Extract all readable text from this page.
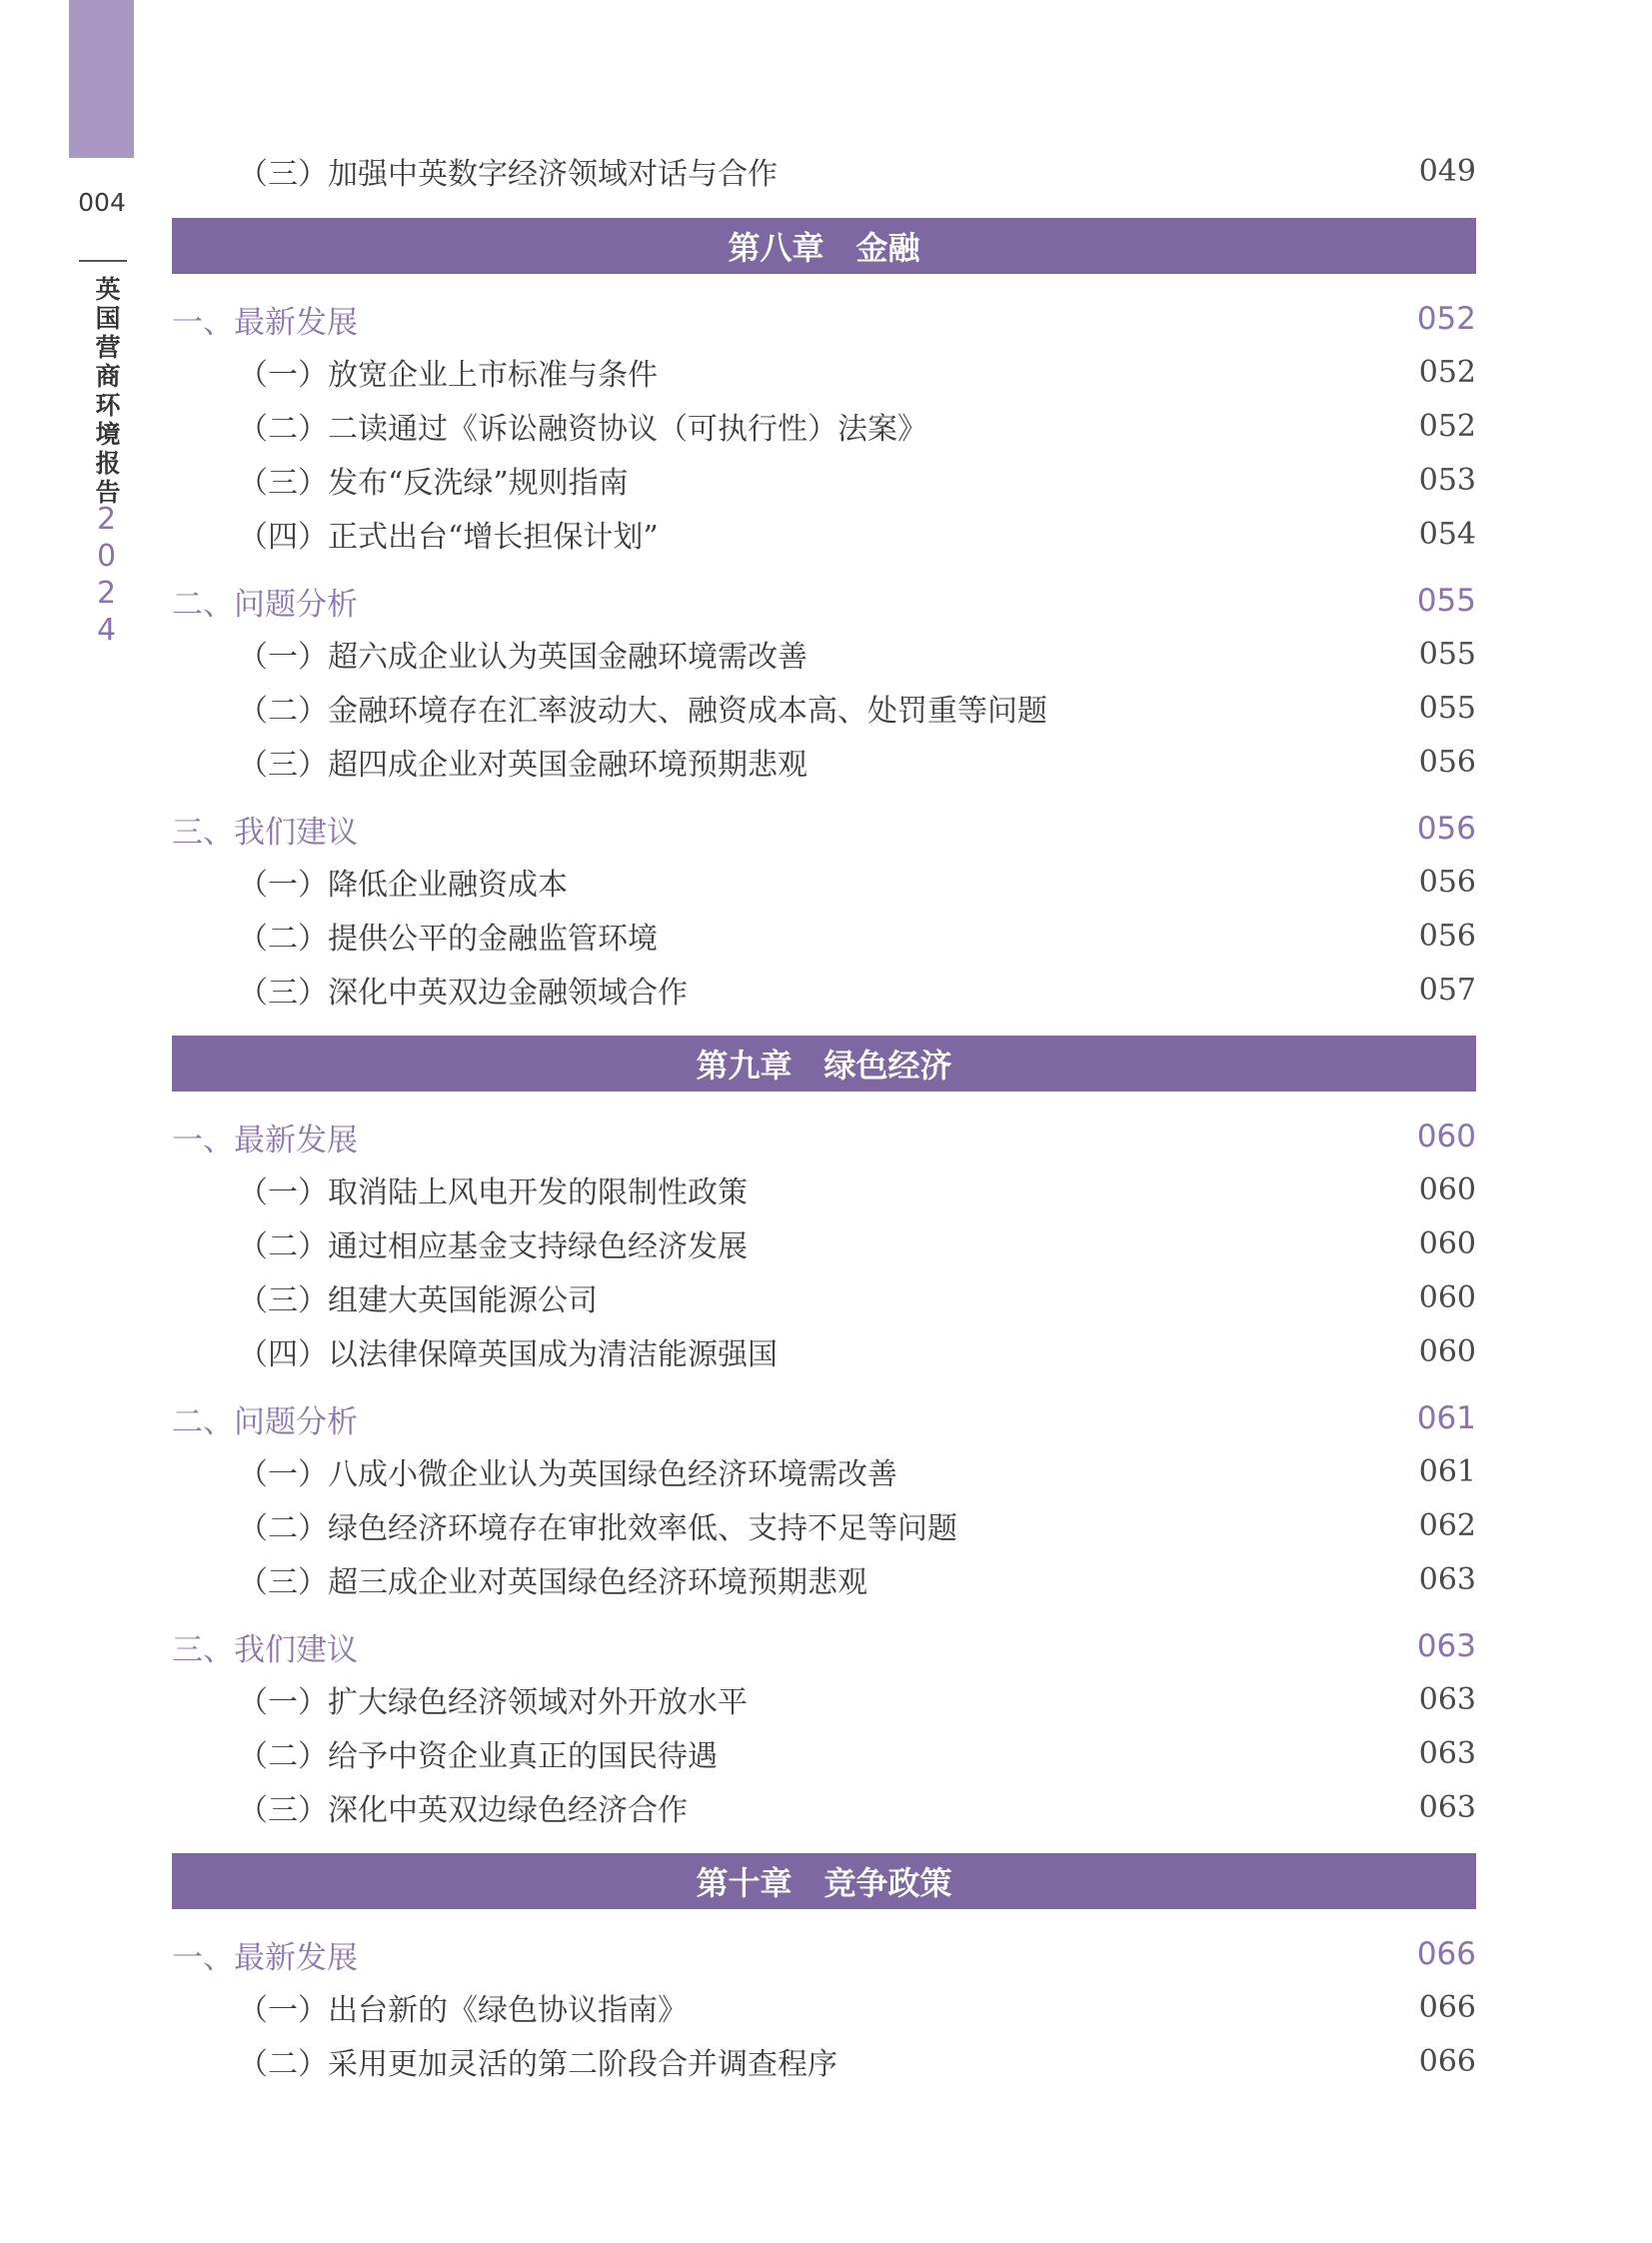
004
英国营商环境报告
2024
（三）加强中英数字经济领域对话与合作	049
第八章　金融
一、最新发展	052
（一）放宽企业上市标准与条件	052
（二）二读通过《诉讼融资协议（可执行性）法案》	052
（三）发布“反洗绿”规则指南	053
（四）正式出台“增长担保计划”	054
二、问题分析	055
（一）超六成企业认为英国金融环境需改善	055
（二）金融环境存在汇率波动大、融资成本高、处罚重等问题	055
（三）超四成企业对英国金融环境预期悲观	056
三、我们建议	056
（一）降低企业融资成本	056
（二）提供公平的金融监管环境	056
（三）深化中英双边金融领域合作	057
第九章　绿色经济
一、最新发展	060
（一）取消陆上风电开发的限制性政策	060
（二）通过相应基金支持绿色经济发展	060
（三）组建大英国能源公司	060
（四）以法律保障英国成为清洁能源强国	060
二、问题分析	061
（一）八成小微企业认为英国绿色经济环境需改善	061
（二）绿色经济环境存在审批效率低、支持不足等问题	062
（三）超三成企业对英国绿色经济环境预期悲观	063
三、我们建议	063
（一）扩大绿色经济领域对外开放水平	063
（二）给予中资企业真正的国民待遇	063
（三）深化中英双边绿色经济合作	063
第十章　竞争政策
一、最新发展	066
（一）出台新的《绿色协议指南》	066
（二）采用更加灵活的第二阶段合并调查程序	066
